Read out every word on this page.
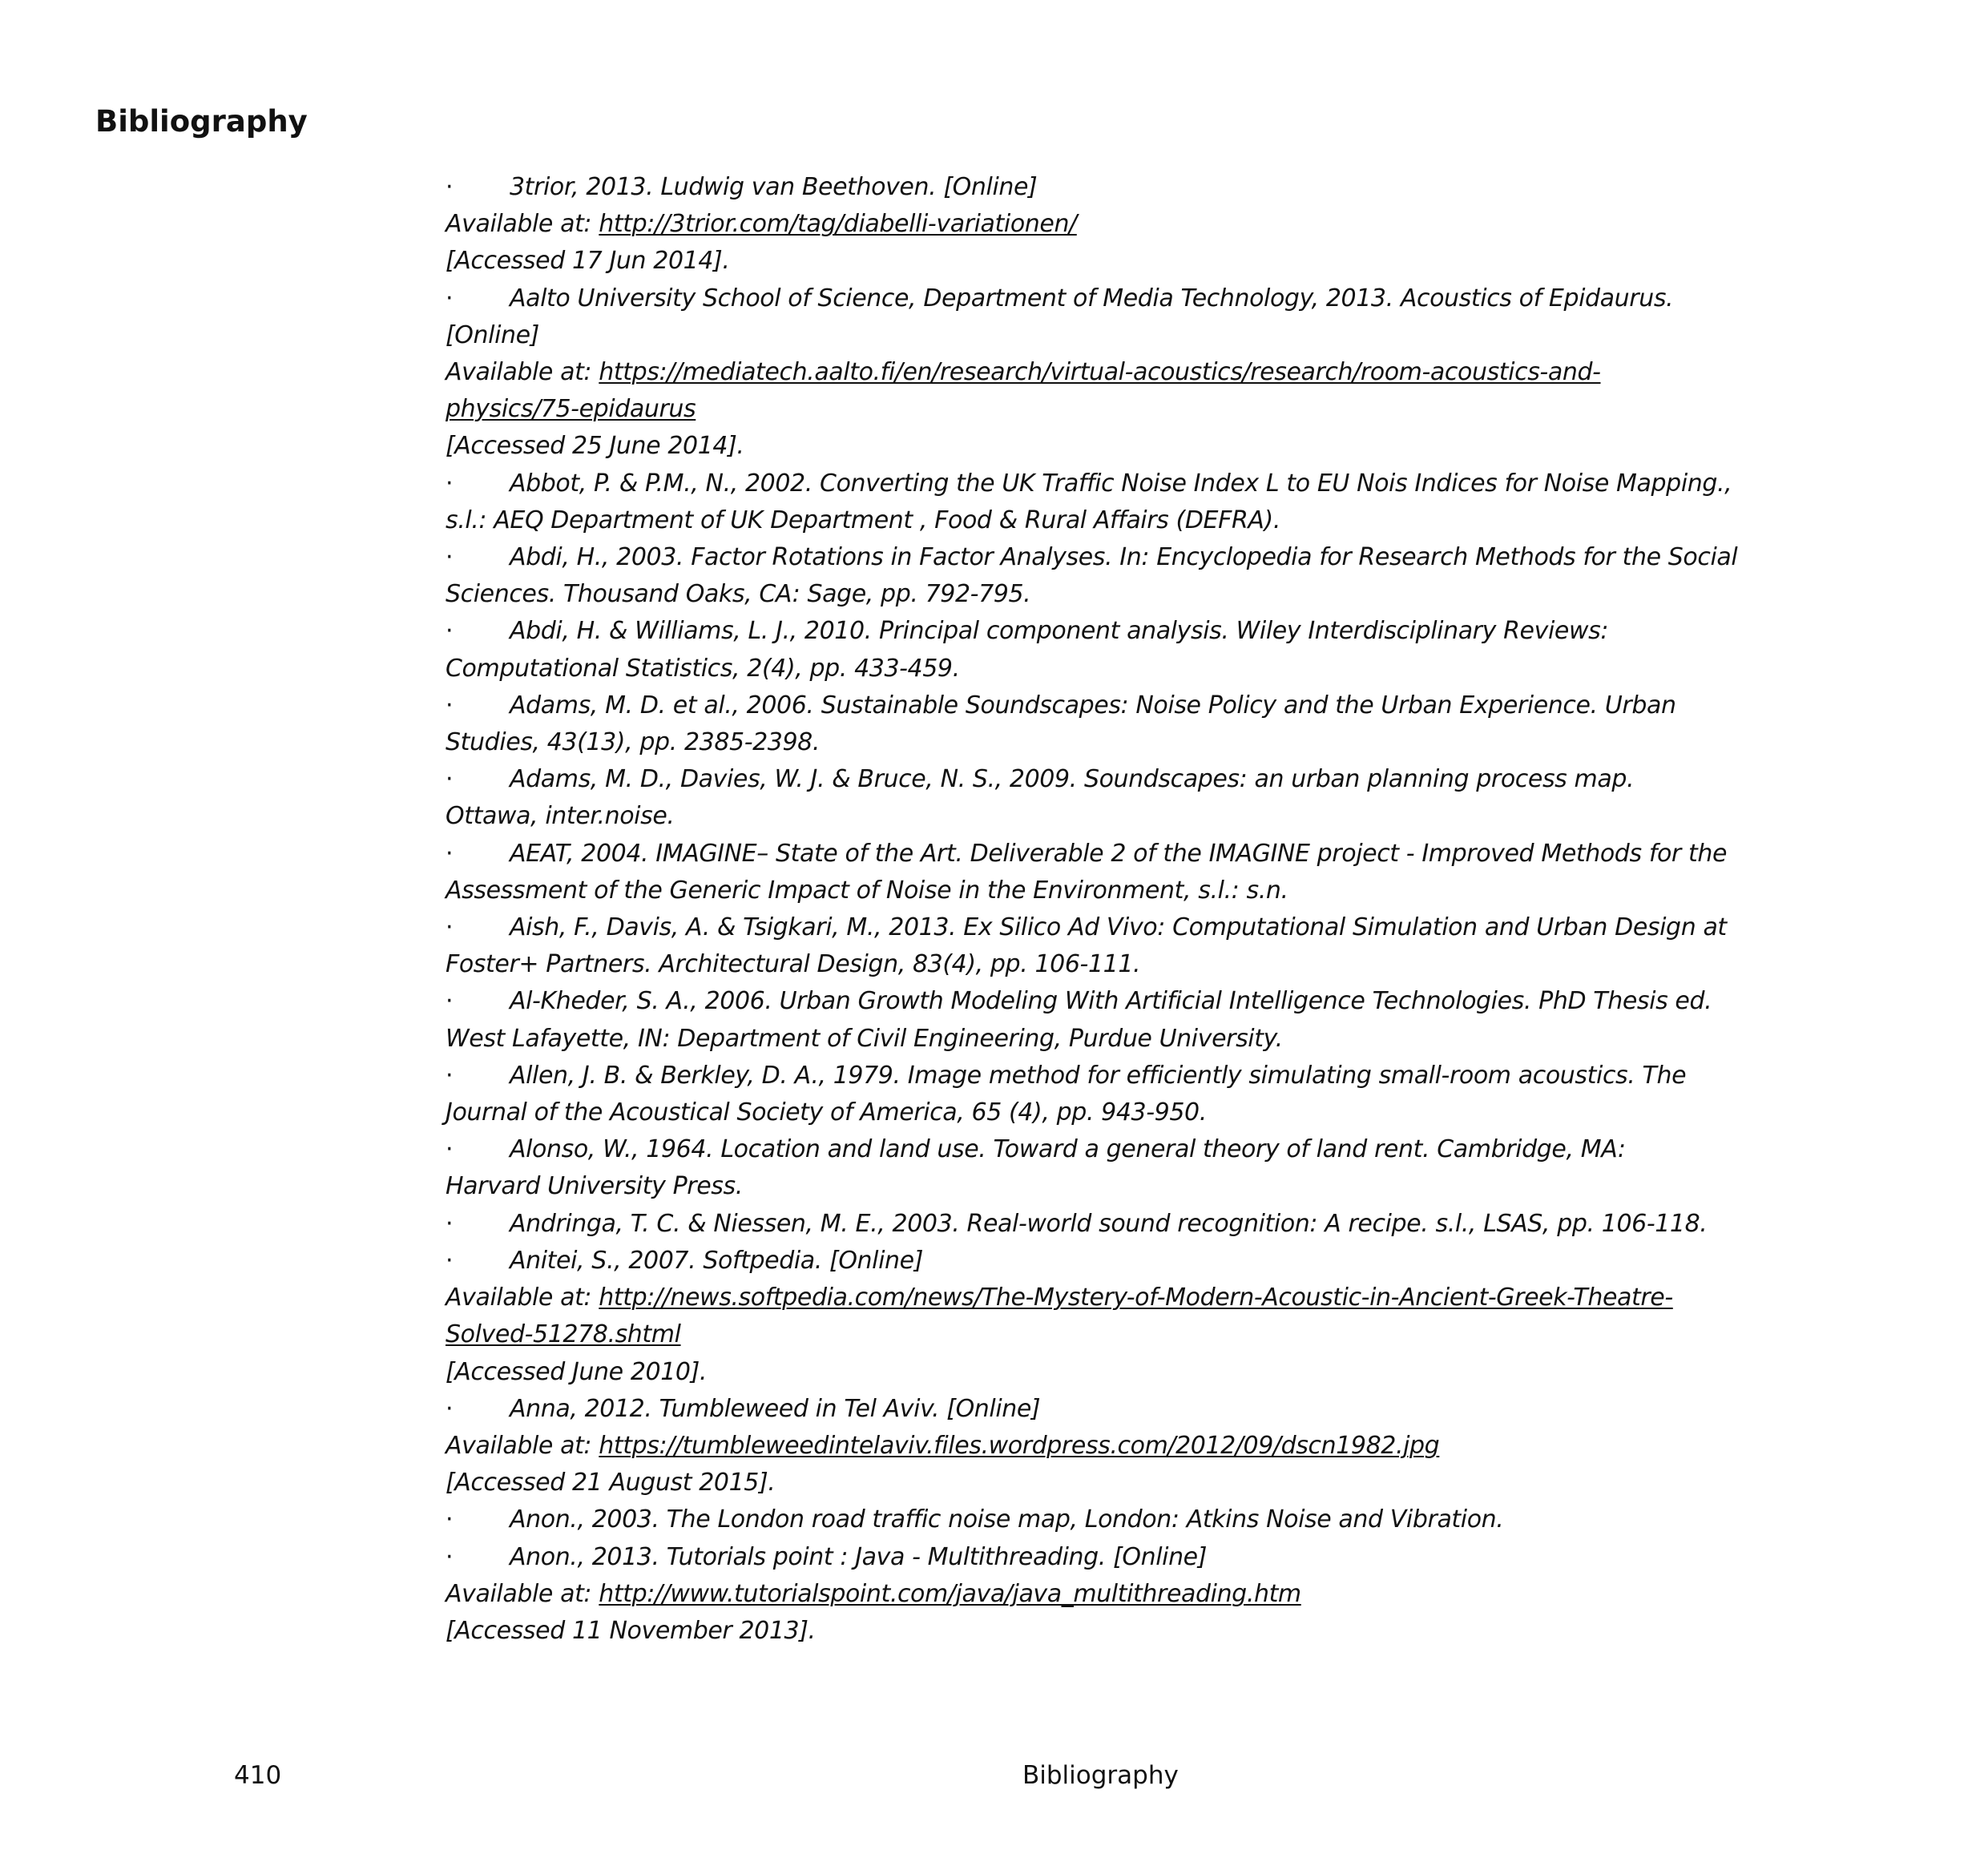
Bibliography
· 3trior, 2013. Ludwig van Beethoven. [Online]
Available at: http://3trior.com/tag/diabelli-variationen/
[Accessed 17 Jun 2014].
· Aalto University School of Science, Department of Media Technology, 2013. Acoustics of Epidaurus.
[Online]
Available at: https://mediatech.aalto.fi/en/research/virtual-acoustics/research/room-acoustics-and-
physics/75-epidaurus
[Accessed 25 June 2014].
· Abbot, P. & P.M., N., 2002. Converting the UK Traffic Noise Index L to EU Nois Indices for Noise Mapping.,
s.l.: AEQ Department of UK Department , Food & Rural Affairs (DEFRA).
· Abdi, H., 2003. Factor Rotations in Factor Analyses. In: Encyclopedia for Research Methods for the Social
Sciences. Thousand Oaks, CA: Sage, pp. 792-795.
· Abdi, H. & Williams, L. J., 2010. Principal component analysis. Wiley Interdisciplinary Reviews:
Computational Statistics, 2(4), pp. 433-459.
· Adams, M. D. et al., 2006. Sustainable Soundscapes: Noise Policy and the Urban Experience. Urban
Studies, 43(13), pp. 2385-2398.
· Adams, M. D., Davies, W. J. & Bruce, N. S., 2009. Soundscapes: an urban planning process map.
Ottawa, inter.noise.
· AEAT, 2004. IMAGINE– State of the Art. Deliverable 2 of the IMAGINE project - Improved Methods for the
Assessment of the Generic Impact of Noise in the Environment, s.l.: s.n.
· Aish, F., Davis, A. & Tsigkari, M., 2013. Ex Silico Ad Vivo: Computational Simulation and Urban Design at
Foster+ Partners. Architectural Design, 83(4), pp. 106-111.
· Al-Kheder, S. A., 2006. Urban Growth Modeling With Artificial Intelligence Technologies. PhD Thesis ed.
West Lafayette, IN: Department of Civil Engineering, Purdue University.
· Allen, J. B. & Berkley, D. A., 1979. Image method for efficiently simulating small-room acoustics. The
Journal of the Acoustical Society of America, 65 (4), pp. 943-950.
· Alonso, W., 1964. Location and land use. Toward a general theory of land rent. Cambridge, MA:
Harvard University Press.
· Andringa, T. C. & Niessen, M. E., 2003. Real-world sound recognition: A recipe. s.l., LSAS, pp. 106-118.
· Anitei, S., 2007. Softpedia. [Online]
Available at: http://news.softpedia.com/news/The-Mystery-of-Modern-Acoustic-in-Ancient-Greek-Theatre-
Solved-51278.shtml
[Accessed June 2010].
· Anna, 2012. Tumbleweed in Tel Aviv. [Online]
Available at: https://tumbleweedintelaviv.files.wordpress.com/2012/09/dscn1982.jpg
[Accessed 21 August 2015].
· Anon., 2003. The London road traffic noise map, London: Atkins Noise and Vibration.
· Anon., 2013. Tutorials point : Java - Multithreading. [Online]
Available at: http://www.tutorialspoint.com/java/java_multithreading.htm
[Accessed 11 November 2013].
410	Bibliography
